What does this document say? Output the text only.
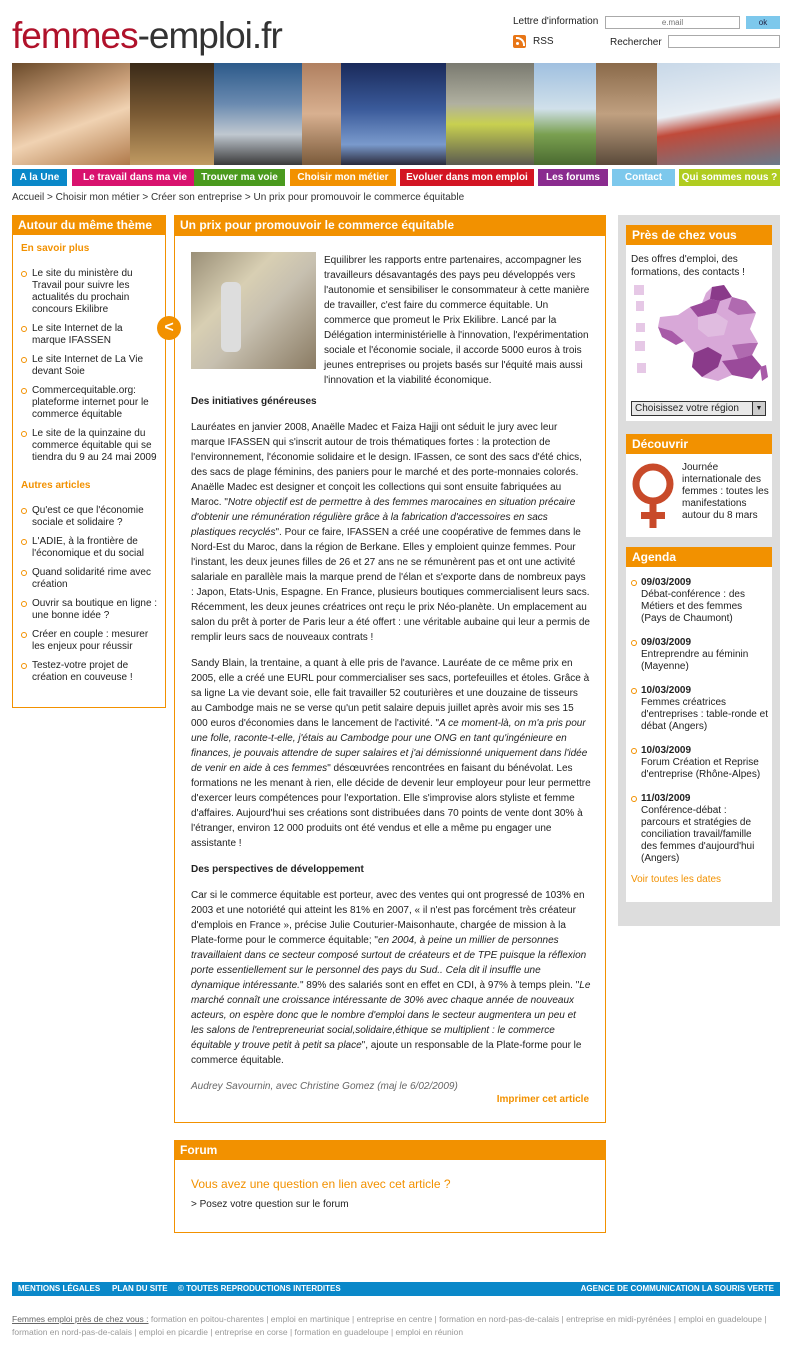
femmes-emploi.fr	Lettre d'information
e.mail	ok
RSS	Rechercher
A la Une	Le travail dans ma vie	Trouver ma voie	Choisir mon métier	Evoluer dans mon emploi	Les forums	Contact	Qui sommes nous ?
Accueil > Choisir mon métier > Créer son entreprise > Un prix pour promouvoir le commerce équitable
Autour du même thème
En savoir plus
Le site du ministère du Travail pour suivre les actualités du prochain concours Ekilibre
Le site Internet de la marque IFASSEN
Le site Internet de La Vie devant Soie
Commercequitable.org: plateforme internet pour le commerce équitable
Le site de la quinzaine du commerce équitable qui se tiendra du 9 au 24 mai 2009
Autres articles
Qu'est ce que l'économie sociale et solidaire ?
L'ADIE, à la frontière de l'économique et du social
Quand solidarité rime avec création
Ouvrir sa boutique en ligne : une bonne idée ?
Créer en couple : mesurer les enjeux pour réussir
Testez-votre projet de création en couveuse !
<
Un prix pour promouvoir le commerce équitable
Equilibrer les rapports entre partenaires, accompagner les travailleurs désavantagés des pays peu développés vers l'autonomie et sensibiliser le consommateur à cette manière de travailler, c'est faire du commerce équitable. Un commerce que promeut le Prix Ekilibre. Lancé par la Délégation interministérielle à l'innovation, l'expérimentation sociale et l'économie sociale, il accorde 5000 euros à trois jeunes entreprises ou projets basés sur l'équité mais aussi l'innovation et la viabilité économique.
Des initiatives généreuses

Lauréates en janvier 2008, Anaëlle Madec et Faiza Hajji ont séduit le jury avec leur marque IFASSEN qui s'inscrit autour de trois thématiques fortes : la protection de l'environnement, l'économie solidaire et le design. IFassen, ce sont des sacs d'été chics, des sacs de plage féminins, des paniers pour le marché et des porte-monnaies colorés. Anaëlle Madec est designer et conçoit les collections qui sont ensuite fabriquées au Maroc. "Notre objectif est de permettre à des femmes marocaines en situation précaire d'obtenir une rémunération régulière grâce à la fabrication d'accessoires en sacs plastiques recyclés". Pour ce faire, IFASSEN a créé une coopérative de femmes dans le Nord-Est du Maroc, dans la région de Berkane. Elles y emploient quinze femmes. Pour l'instant, les deux jeunes filles de 26 et 27 ans ne se rémunèrent pas et ont une activité salariale en parallèle mais la marque prend de l'élan et s'exporte dans de nombreux pays : Japon, Etats-Unis, Espagne. En France, plusieurs boutiques commercialisent leurs sacs. Récemment, les deux jeunes créatrices ont reçu le prix Néo-planète. Un emplacement au salon du prêt à porter de Paris leur a été offert : une véritable aubaine qui leur a permis de remplir leurs sacs de nouveaux contrats !

Sandy Blain, la trentaine, a quant à elle pris de l'avance. Lauréate de ce même prix en 2005, elle a créé une EURL pour commercialiser ses sacs, portefeuilles et étoles. Grâce à sa ligne La vie devant soie, elle fait travailler 52 couturières et une douzaine de tisseurs au Cambodge mais ne se verse qu'un petit salaire depuis juillet après avoir mis ses 15 000 euros d'économies dans le lancement de l'activité. "A ce moment-là, on m'a pris pour une folle, raconte-t-elle, j'étais au Cambodge pour une ONG en tant qu'ingénieure en finances, je pouvais attendre de super salaires et j'ai démissionné uniquement dans l'idée de venir en aide à ces femmes" désœuvrées rencontrées en faisant du bénévolat. Les formations ne les menant à rien, elle décide de devenir leur employeur pour leur permettre d'exercer leurs compétences pour l'exportation. Elle s'improvise alors styliste et femme d'affaires. Aujourd'hui ses créations sont distribuées dans 70 points de vente dont 30% à l'étranger, environ 12 000 produits ont été vendus et elle a même pu engager une assistante !

Des perspectives de développement

Car si le commerce équitable est porteur, avec des ventes qui ont progressé de 103% en 2003 et une notoriété qui atteint les 81% en 2007, « il n'est pas forcément très créateur d'emplois en France », précise Julie Couturier-Maisonhaute, chargée de mission à la Plate-forme pour le commerce équitable; "en 2004, à peine un millier de personnes travaillaient dans ce secteur composé surtout de créateurs et de TPE puisque la réflexion porte essentiellement sur le personnel des pays du Sud.. Cela dit il insuffle une dynamique intéressante." 89% des salariés sont en effet en CDI, à 97% à temps plein. "Le marché connaît une croissance intéressante de 30% avec chaque année de nouveaux acteurs, on espère donc que le nombre d'emploi dans le secteur augmentera un peu et les salons de l'entrepreneuriat social,solidaire,éthique se multiplient : le commerce équitable y trouve petit à petit sa place", ajoute un responsable de la Plate-forme pour le commerce équitable.

Audrey Savournin, avec Christine Gomez (maj le 6/02/2009)

Imprimer cet article
Forum
Vous avez une question en lien avec cet article ?
> Posez votre question sur le forum
Près de chez vous
Des offres d'emploi, des formations, des contacts !
Choisissez votre région ▼
Découvrir
Journée internationale des femmes : toutes les manifestations autour du 8 mars
Agenda
09/03/2009
Débat-conférence : des Métiers et des femmes (Pays de Chaumont)
09/03/2009
Entreprendre au féminin (Mayenne)
10/03/2009
Femmes créatrices d'entreprises : table-ronde et débat (Angers)
10/03/2009
Forum Création et Reprise d'entreprise (Rhône-Alpes)
11/03/2009
Conférence-débat : parcours et stratégies de conciliation travail/famille des femmes d'aujourd'hui (Angers)
Voir toutes les dates
MENTIONS LÉGALES PLAN DU SITE © TOUTES REPRODUCTIONS INTERDITES	AGENCE DE COMMUNICATION LA SOURIS VERTE
Femmes emploi près de chez vous : formation en poitou-charentes | emploi en martinique | entreprise en centre | formation en nord-pas-de-calais | entreprise en midi-pyrénées | emploi en guadeloupe | formation en nord-pas-de-calais | emploi en picardie | entreprise en corse | formation en guadeloupe | emploi en réunion
